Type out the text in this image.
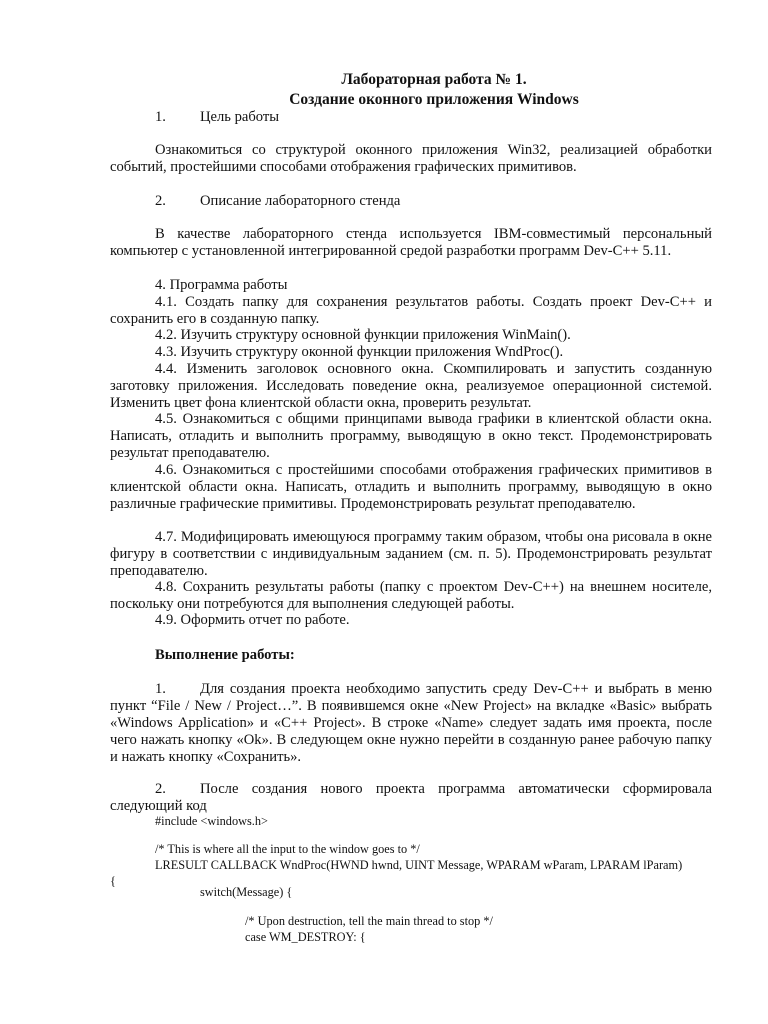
Лабораторная работа № 1.
Создание оконного приложения Windows
1. Цель работы
Ознакомиться со структурой оконного приложения Win32, реализацией обработки событий, простейшими способами отображения графических примитивов.
2. Описание лабораторного стенда
В качестве лабораторного стенда используется IBM-совместимый персональный компьютер с установленной интегрированной средой разработки программ Dev-C++ 5.11.
4. Программа работы
4.1. Создать папку для сохранения результатов работы. Создать проект Dev-C++ и сохранить его в созданную папку.
4.2. Изучить структуру основной функции приложения WinMain().
4.3. Изучить структуру оконной функции приложения WndProc().
4.4. Изменить заголовок основного окна. Скомпилировать и запустить созданную заготовку приложения. Исследовать поведение окна, реализуемое операционной системой. Изменить цвет фона клиентской области окна, проверить результат.
4.5. Ознакомиться с общими принципами вывода графики в клиентской области окна. Написать, отладить и выполнить программу, выводящую в окно текст. Продемонстрировать результат преподавателю.
4.6. Ознакомиться с простейшими способами отображения графических примитивов в клиентской области окна. Написать, отладить и выполнить программу, выводящую в окно различные графические примитивы. Продемонстрировать результат преподавателю.
4.7. Модифицировать имеющуюся программу таким образом, чтобы она рисовала в окне фигуру в соответствии с индивидуальным заданием (см. п. 5). Продемонстрировать результат преподавателю.
4.8. Сохранить результаты работы (папку с проектом Dev-C++) на внешнем носителе, поскольку они потребуются для выполнения следующей работы.
4.9. Оформить отчет по работе.
Выполнение работы:
1.	Для создания проекта необходимо запустить среду Dev-C++ и выбрать в меню пункт “File / New / Project…”. В появившемся окне «New Project» на вкладке «Basic» выбрать «Windows Application» и «C++ Project». В строке «Name» следует задать имя проекта, после чего нажать кнопку «Ok». В следующем окне нужно перейти в созданную ранее рабочую папку и нажать кнопку «Сохранить».
2.	После создания нового проекта программа автоматически сформировала следующий код
#include <windows.h>
/* This is where all the input to the window goes to */
LRESULT CALLBACK WndProc(HWND hwnd, UINT Message, WPARAM wParam, LPARAM lParam)
{
switch(Message) {
/* Upon destruction, tell the main thread to stop */
case WM_DESTROY: {
